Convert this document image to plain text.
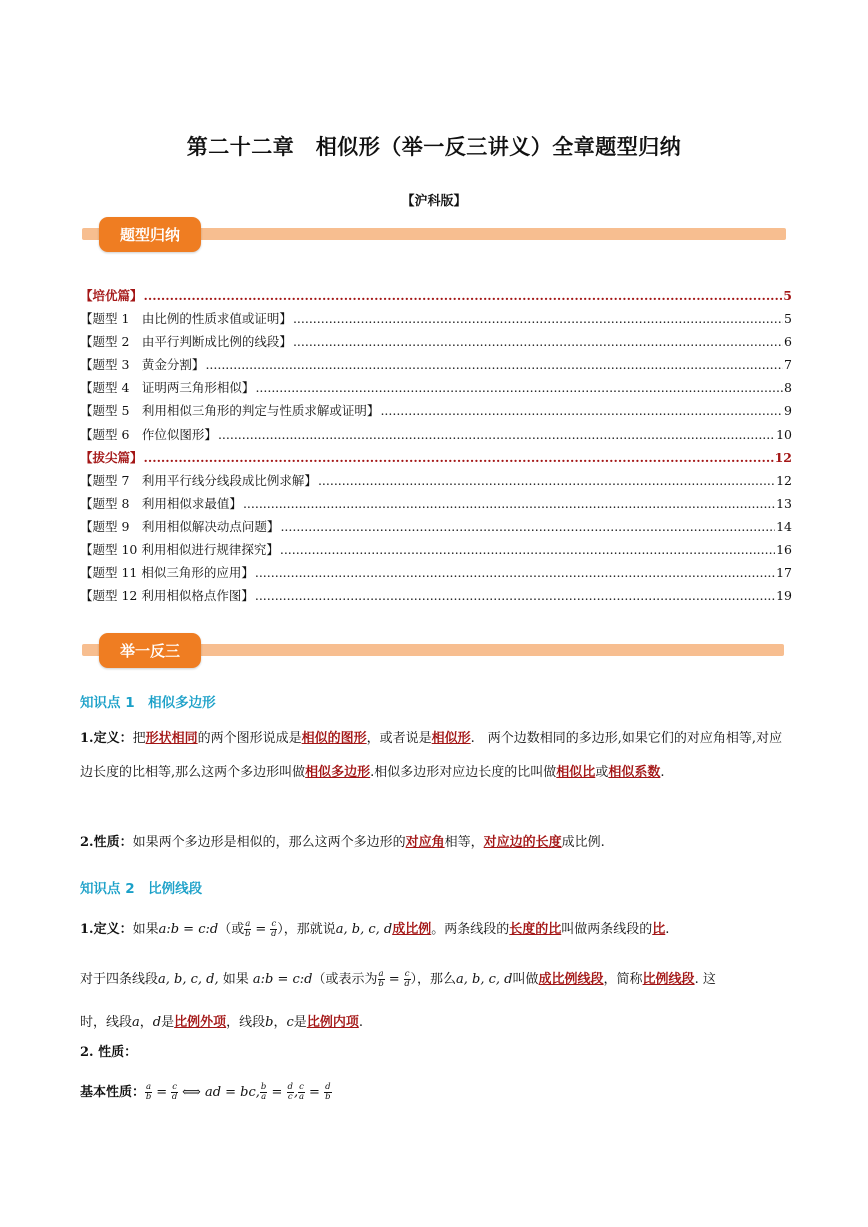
第二十二章　相似形（举一反三讲义）全章题型归纳
【沪科版】
题型归纳
【培优篇】 .....	5
【题型 1　由比例的性质求值或证明】 .....	5
【题型 2　由平行判断成比例的线段】 .....	6
【题型 3　黄金分割】 .....	7
【题型 4　证明两三角形相似】 .....	8
【题型 5　利用相似三角形的判定与性质求解或证明】 .....	9
【题型 6　作位似图形】 .....	10
【拔尖篇】 .....	12
【题型 7　利用平行线分线段成比例求解】 .....	12
【题型 8　利用相似求最值】 .....	13
【题型 9　利用相似解决动点问题】 .....	14
【题型 10 利用相似进行规律探究】 .....	16
【题型 11 相似三角形的应用】 .....	17
【题型 12 利用相似格点作图】 .....	19
举一反三
知识点 1　相似多边形
1.定义：把形状相同的两个图形说成是相似的图形，或者说是相似形.　两个边数相同的多边形,如果它们的对应角相等,对应边长度的比相等,那么这两个多边形叫做相似多边形.相似多边形对应边长度的比叫做相似比或相似系数.
2.性质：如果两个多边形是相似的，那么这两个多边形的对应角相等，对应边的长度成比例.
知识点 2　比例线段
1.定义：如果a:b = c:d（或 $\frac{a}{b} = \frac{c}{d}$ ），那就说a, b, c, d成比例。两条线段的长度的比叫做两条线段的比.
对于四条线段a, b, c, d, 如果 a:b = c:d（或表示为 $\frac{a}{b} = \frac{c}{d}$ ），那么a, b, c, d叫做成比例线段，简称比例线段. 这
时，线段a，d是比例外项，线段b，c是比例内项.
2. 性质：
基本性质： $\frac{a}{b} = \frac{c}{d}$ ⟺ ad = bc, $\frac{b}{a} = \frac{d}{c}$ , $\frac{c}{a} = \frac{d}{b}$
